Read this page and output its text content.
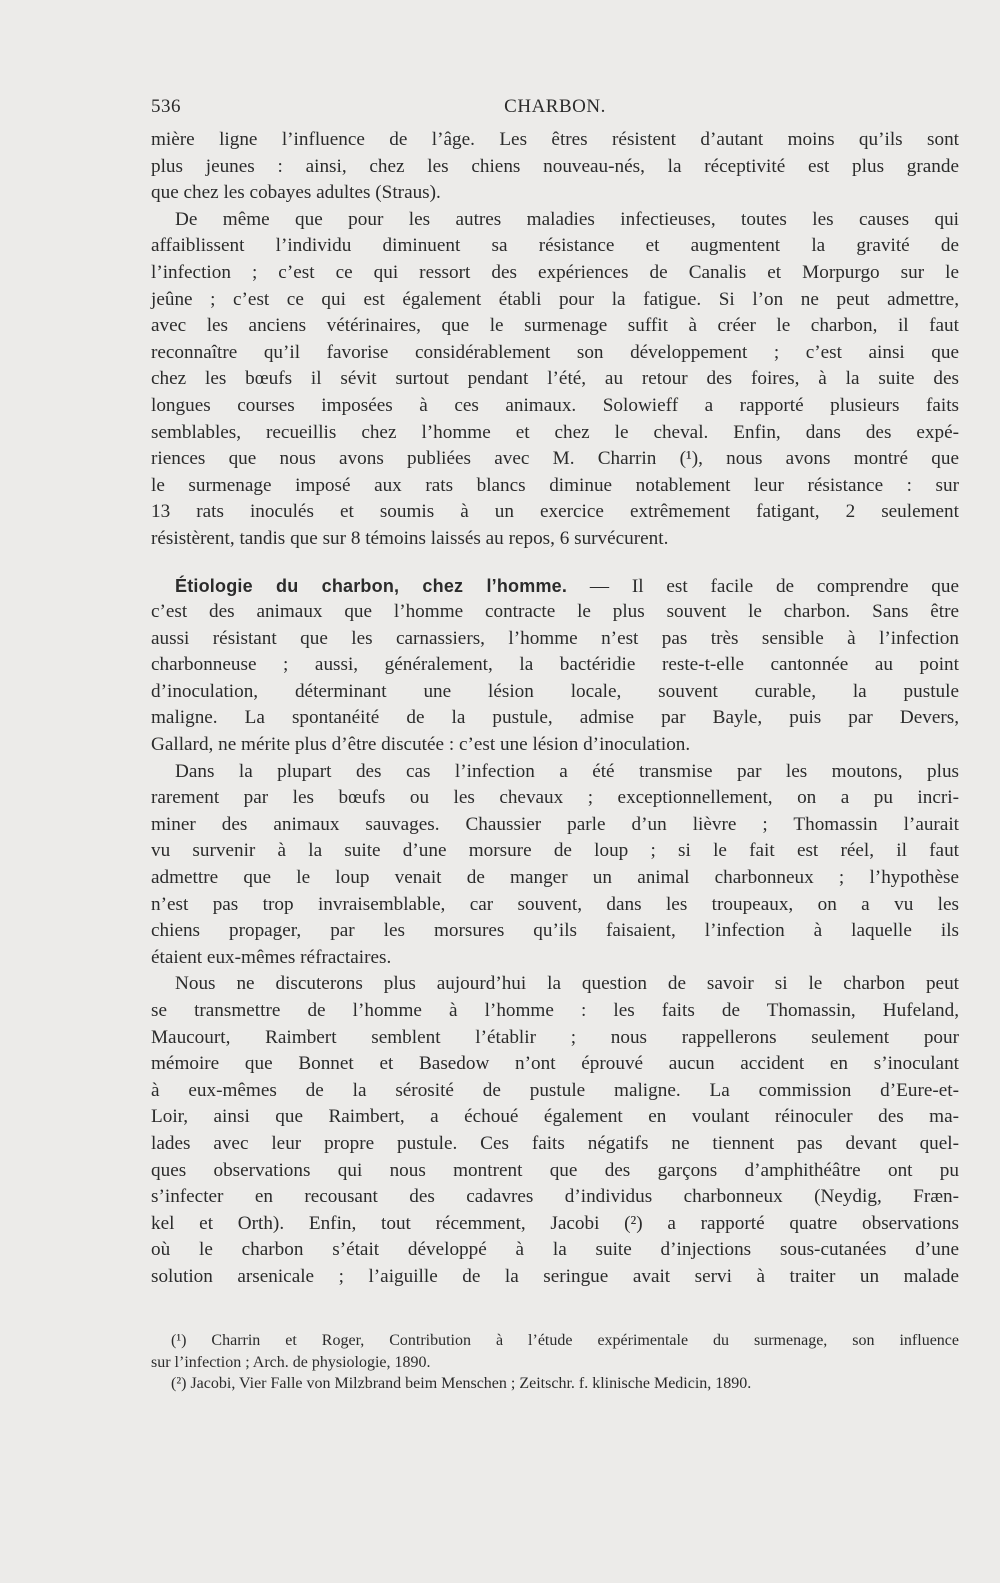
536	CHARBON.
mière ligne l’influence de l’âge. Les êtres résistent d’autant moins qu’ils sont
plus jeunes : ainsi, chez les chiens nouveau-nés, la réceptivité est plus grande
que chez les cobayes adultes (Straus).
De même que pour les autres maladies infectieuses, toutes les causes qui
affaiblissent l’individu diminuent sa résistance et augmentent la gravité de
l’infection ; c’est ce qui ressort des expériences de Canalis et Morpurgo sur le
jeûne ; c’est ce qui est également établi pour la fatigue. Si l’on ne peut admettre,
avec les anciens vétérinaires, que le surmenage suffit à créer le charbon, il faut
reconnaître qu’il favorise considérablement son développement ; c’est ainsi que
chez les bœufs il sévit surtout pendant l’été, au retour des foires, à la suite des
longues courses imposées à ces animaux. Solowieff a rapporté plusieurs faits
semblables, recueillis chez l’homme et chez le cheval. Enfin, dans des expé-
riences que nous avons publiées avec M. Charrin (¹), nous avons montré que
le surmenage imposé aux rats blancs diminue notablement leur résistance : sur
13 rats inoculés et soumis à un exercice extrêmement fatigant, 2 seulement
résistèrent, tandis que sur 8 témoins laissés au repos, 6 survécurent.
Étiologie du charbon, chez l’homme. — Il est facile de comprendre que
c’est des animaux que l’homme contracte le plus souvent le charbon. Sans être
aussi résistant que les carnassiers, l’homme n’est pas très sensible à l’infection
charbonneuse ; aussi, généralement, la bactéridie reste-t-elle cantonnée au point
d’inoculation, déterminant une lésion locale, souvent curable, la pustule
maligne. La spontanéité de la pustule, admise par Bayle, puis par Devers,
Gallard, ne mérite plus d’être discutée : c’est une lésion d’inoculation.
Dans la plupart des cas l’infection a été transmise par les moutons, plus
rarement par les bœufs ou les chevaux ; exceptionnellement, on a pu incri-
miner des animaux sauvages. Chaussier parle d’un lièvre ; Thomassin l’aurait
vu survenir à la suite d’une morsure de loup ; si le fait est réel, il faut
admettre que le loup venait de manger un animal charbonneux ; l’hypothèse
n’est pas trop invraisemblable, car souvent, dans les troupeaux, on a vu les
chiens propager, par les morsures qu’ils faisaient, l’infection à laquelle ils
étaient eux-mêmes réfractaires.
Nous ne discuterons plus aujourd’hui la question de savoir si le charbon peut
se transmettre de l’homme à l’homme : les faits de Thomassin, Hufeland,
Maucourt, Raimbert semblent l’établir ; nous rappellerons seulement pour
mémoire que Bonnet et Basedow n’ont éprouvé aucun accident en s’inoculant
à eux-mêmes de la sérosité de pustule maligne. La commission d’Eure-et-
Loir, ainsi que Raimbert, a échoué également en voulant réinoculer des ma-
lades avec leur propre pustule. Ces faits négatifs ne tiennent pas devant quel-
ques observations qui nous montrent que des garçons d’amphithéâtre ont pu
s’infecter en recousant des cadavres d’individus charbonneux (Neydig, Fræn-
kel et Orth). Enfin, tout récemment, Jacobi (²) a rapporté quatre observations
où le charbon s’était développé à la suite d’injections sous-cutanées d’une
solution arsenicale ; l’aiguille de la seringue avait servi à traiter un malade
(¹) Charrin et Roger, Contribution à l’étude expérimentale du surmenage, son influence
sur l’infection ; Arch. de physiologie, 1890.
(²) Jacobi, Vier Falle von Milzbrand beim Menschen ; Zeitschr. f. klinische Medicin, 1890.
